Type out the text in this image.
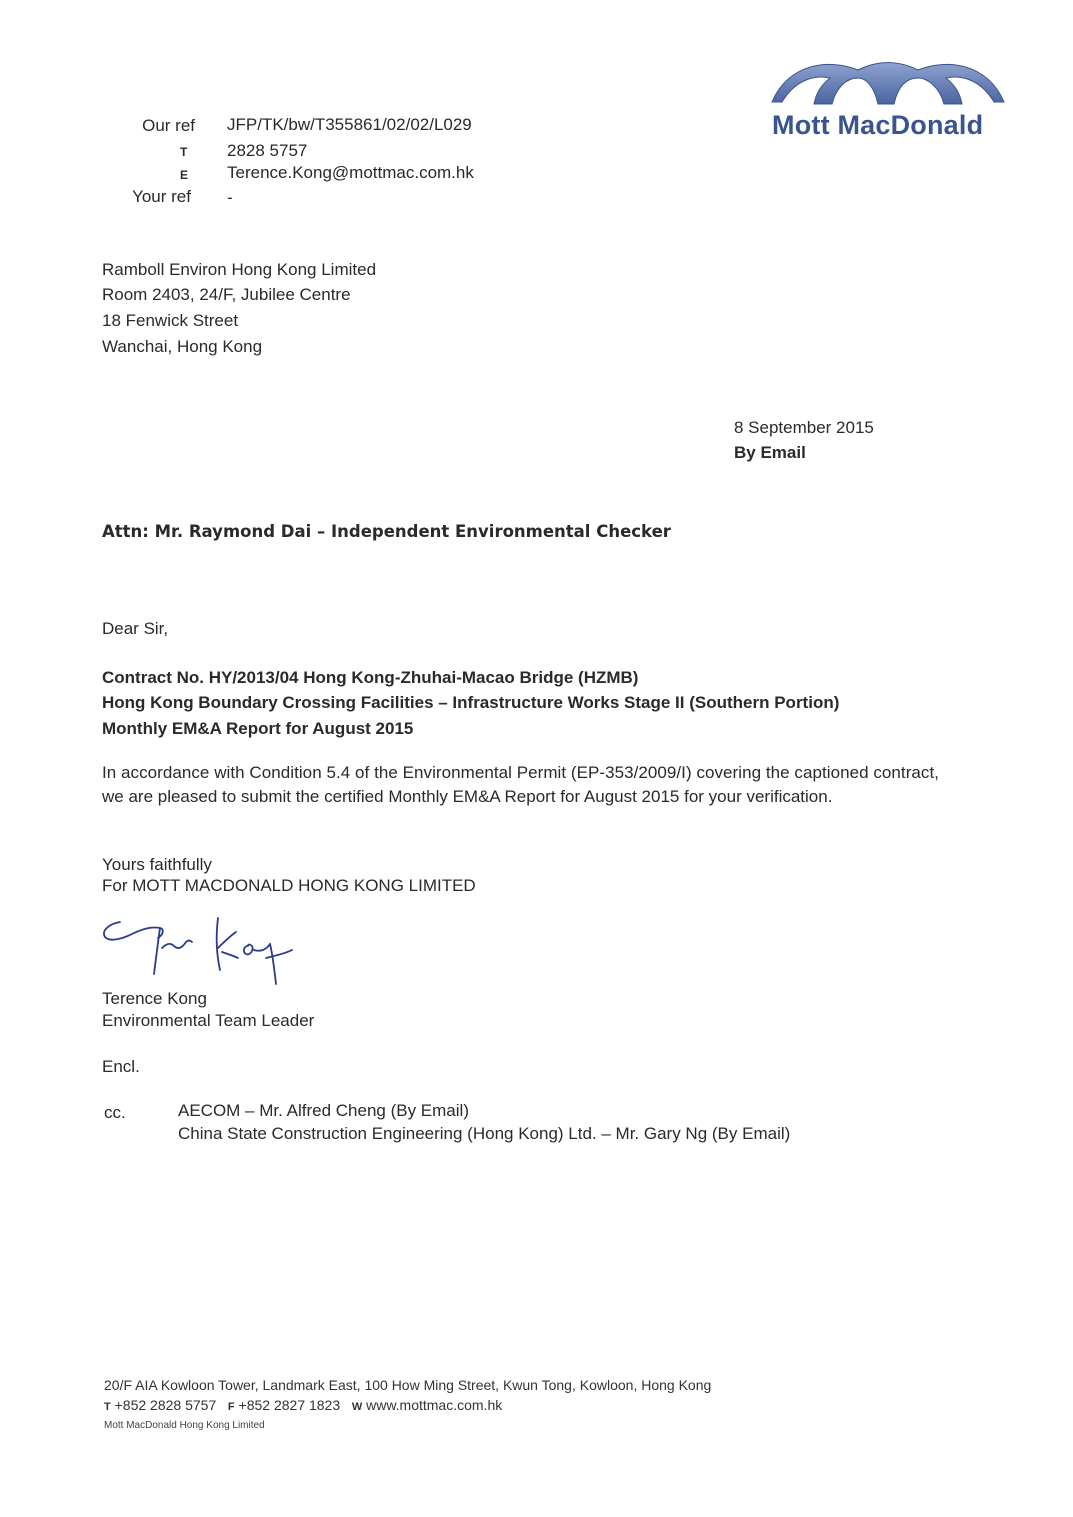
Mott MacDonald
Our ref JFP/TK/bw/T355861/02/02/L029
T 2828 5757
E Terence.Kong@mottmac.com.hk
Your ref -
Ramboll Environ Hong Kong Limited
Room 2403, 24/F, Jubilee Centre
18 Fenwick Street
Wanchai, Hong Kong
8 September 2015
By Email
Attn: Mr. Raymond Dai – Independent Environmental Checker
Dear Sir,
Contract No. HY/2013/04 Hong Kong-Zhuhai-Macao Bridge (HZMB)
Hong Kong Boundary Crossing Facilities – Infrastructure Works Stage II (Southern Portion)
Monthly EM&A Report for August 2015
In accordance with Condition 5.4 of the Environmental Permit (EP-353/2009/I) covering the captioned contract,
we are pleased to submit the certified Monthly EM&A Report for August 2015 for your verification.
Yours faithfully
For MOTT MACDONALD HONG KONG LIMITED
Terence Kong
Environmental Team Leader
Encl.
cc.	AECOM – Mr. Alfred Cheng (By Email)
China State Construction Engineering (Hong Kong) Ltd. – Mr. Gary Ng (By Email)
20/F AIA Kowloon Tower, Landmark East, 100 How Ming Street, Kwun Tong, Kowloon, Hong Kong
T +852 2828 5757 F +852 2827 1823 W www.mottmac.com.hk
Mott MacDonald Hong Kong Limited
